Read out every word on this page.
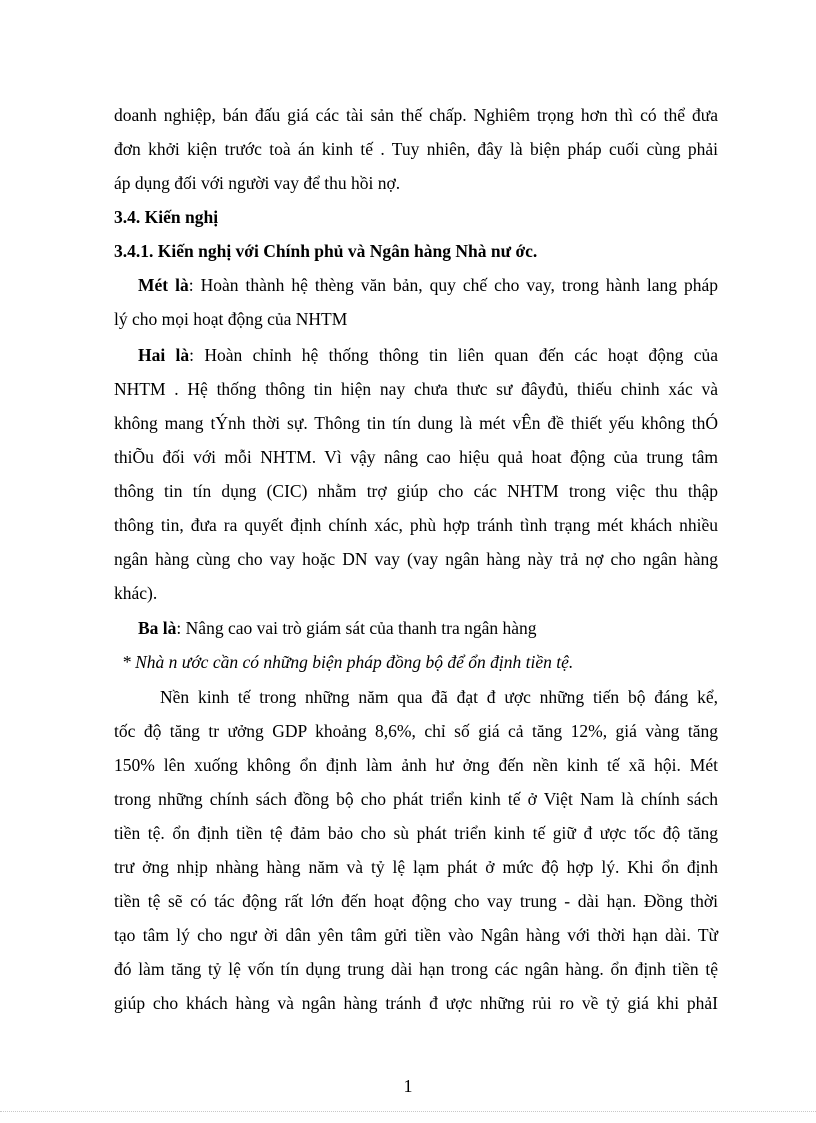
doanh nghiệp, bán đấu giá các tài sản thế chấp. Nghiêm trọng hơn thì có thể đưa
đơn khởi kiện trước toà án kinh tế . Tuy nhiên, đây là biện pháp cuối cùng phải
áp dụng đối với người vay để thu hồi nợ.
3.4. Kiến nghị
3.4.1. Kiến nghị với Chính phủ và Ngân hàng Nhà nư ớc.
Mét là: Hoàn thành hệ thèng văn bản, quy chế cho vay, trong hành lang pháp
lý cho mọi hoạt động của NHTM
Hai là: Hoàn chỉnh hệ thống thông tin liên quan đến các hoạt động của
NHTM . Hệ thống thông tin hiện nay chưa thưc sư đâyđủ, thiếu chinh xác và
không mang tÝnh thời sự. Thông tin tín dung là mét vÊn đề thiết yếu không thÓ
thiÕu đối với mỗi NHTM. Vì vậy nâng cao hiệu quả hoat động của trung tâm
thông tin tín dụng (CIC) nhằm trợ giúp cho các NHTM trong việc thu thập
thông tin, đưa ra quyết định chính xác, phù hợp tránh tình trạng mét khách nhiều
ngân hàng cùng cho vay hoặc DN vay (vay ngân hàng này trả nợ cho ngân hàng
khác).
Ba là: Nâng cao vai trò giám sát của thanh tra ngân hàng
* Nhà n ước cần có những biện pháp đồng bộ để ổn định tiền tệ.
Nền kinh tế trong những năm qua đã đạt đ ược những tiến bộ đáng kể,
tốc độ tăng tr ưởng GDP khoảng 8,6%, chỉ số giá cả tăng 12%, giá vàng tăng
150% lên xuống không ổn định làm ảnh hư ởng đến nền kinh tế xã hội. Mét
trong những chính sách đồng bộ cho phát triển kinh tế ở Việt Nam là chính sách
tiền tệ. ổn định tiền tệ đảm bảo cho sù phát triển kinh tế giữ đ ược tốc độ tăng
trư ởng nhịp nhàng hàng năm và tỷ lệ lạm phát ở mức độ hợp lý. Khi ổn định
tiền tệ sẽ có tác động rất lớn đến hoạt động cho vay trung - dài hạn. Đồng thời
tạo tâm lý cho ngư ời dân yên tâm gửi tiền vào Ngân hàng với thời hạn dài. Từ
đó làm tăng tỷ lệ vốn tín dụng trung dài hạn trong các ngân hàng. ổn định tiền tệ
giúp cho khách hàng và ngân hàng tránh đ ược những rủi ro về tỷ giá khi phảI
1
